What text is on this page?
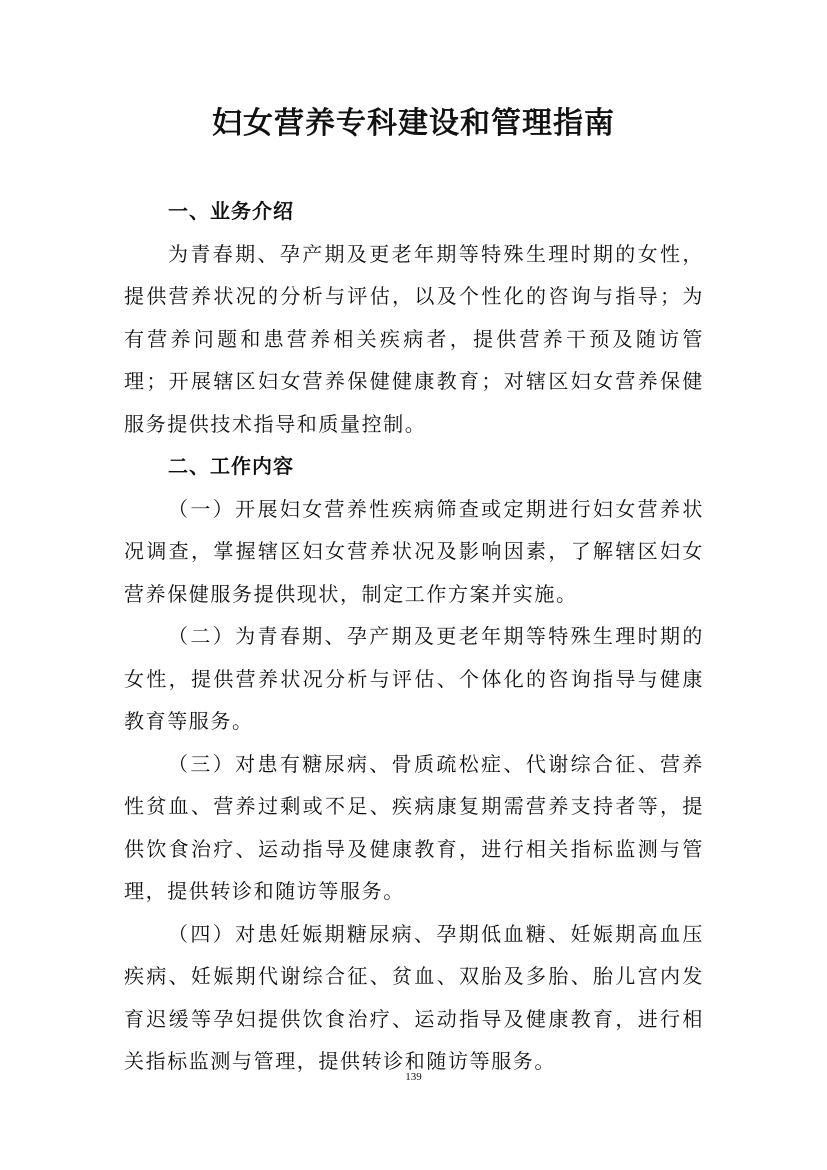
妇女营养专科建设和管理指南
一、业务介绍

为青春期、孕产期及更老年期等特殊生理时期的女性，提供营养状况的分析与评估，以及个性化的咨询与指导；为有营养问题和患营养相关疾病者，提供营养干预及随访管理；开展辖区妇女营养保健健康教育；对辖区妇女营养保健服务提供技术指导和质量控制。

二、工作内容

（一）开展妇女营养性疾病筛查或定期进行妇女营养状况调查，掌握辖区妇女营养状况及影响因素，了解辖区妇女营养保健服务提供现状，制定工作方案并实施。

（二）为青春期、孕产期及更老年期等特殊生理时期的女性，提供营养状况分析与评估、个体化的咨询指导与健康教育等服务。

（三）对患有糖尿病、骨质疏松症、代谢综合征、营养性贫血、营养过剩或不足、疾病康复期需营养支持者等，提供饮食治疗、运动指导及健康教育，进行相关指标监测与管理，提供转诊和随访等服务。

（四）对患妊娠期糖尿病、孕期低血糖、妊娠期高血压疾病、妊娠期代谢综合征、贫血、双胎及多胎、胎儿宫内发育迟缓等孕妇提供饮食治疗、运动指导及健康教育，进行相关指标监测与管理，提供转诊和随访等服务。

139
